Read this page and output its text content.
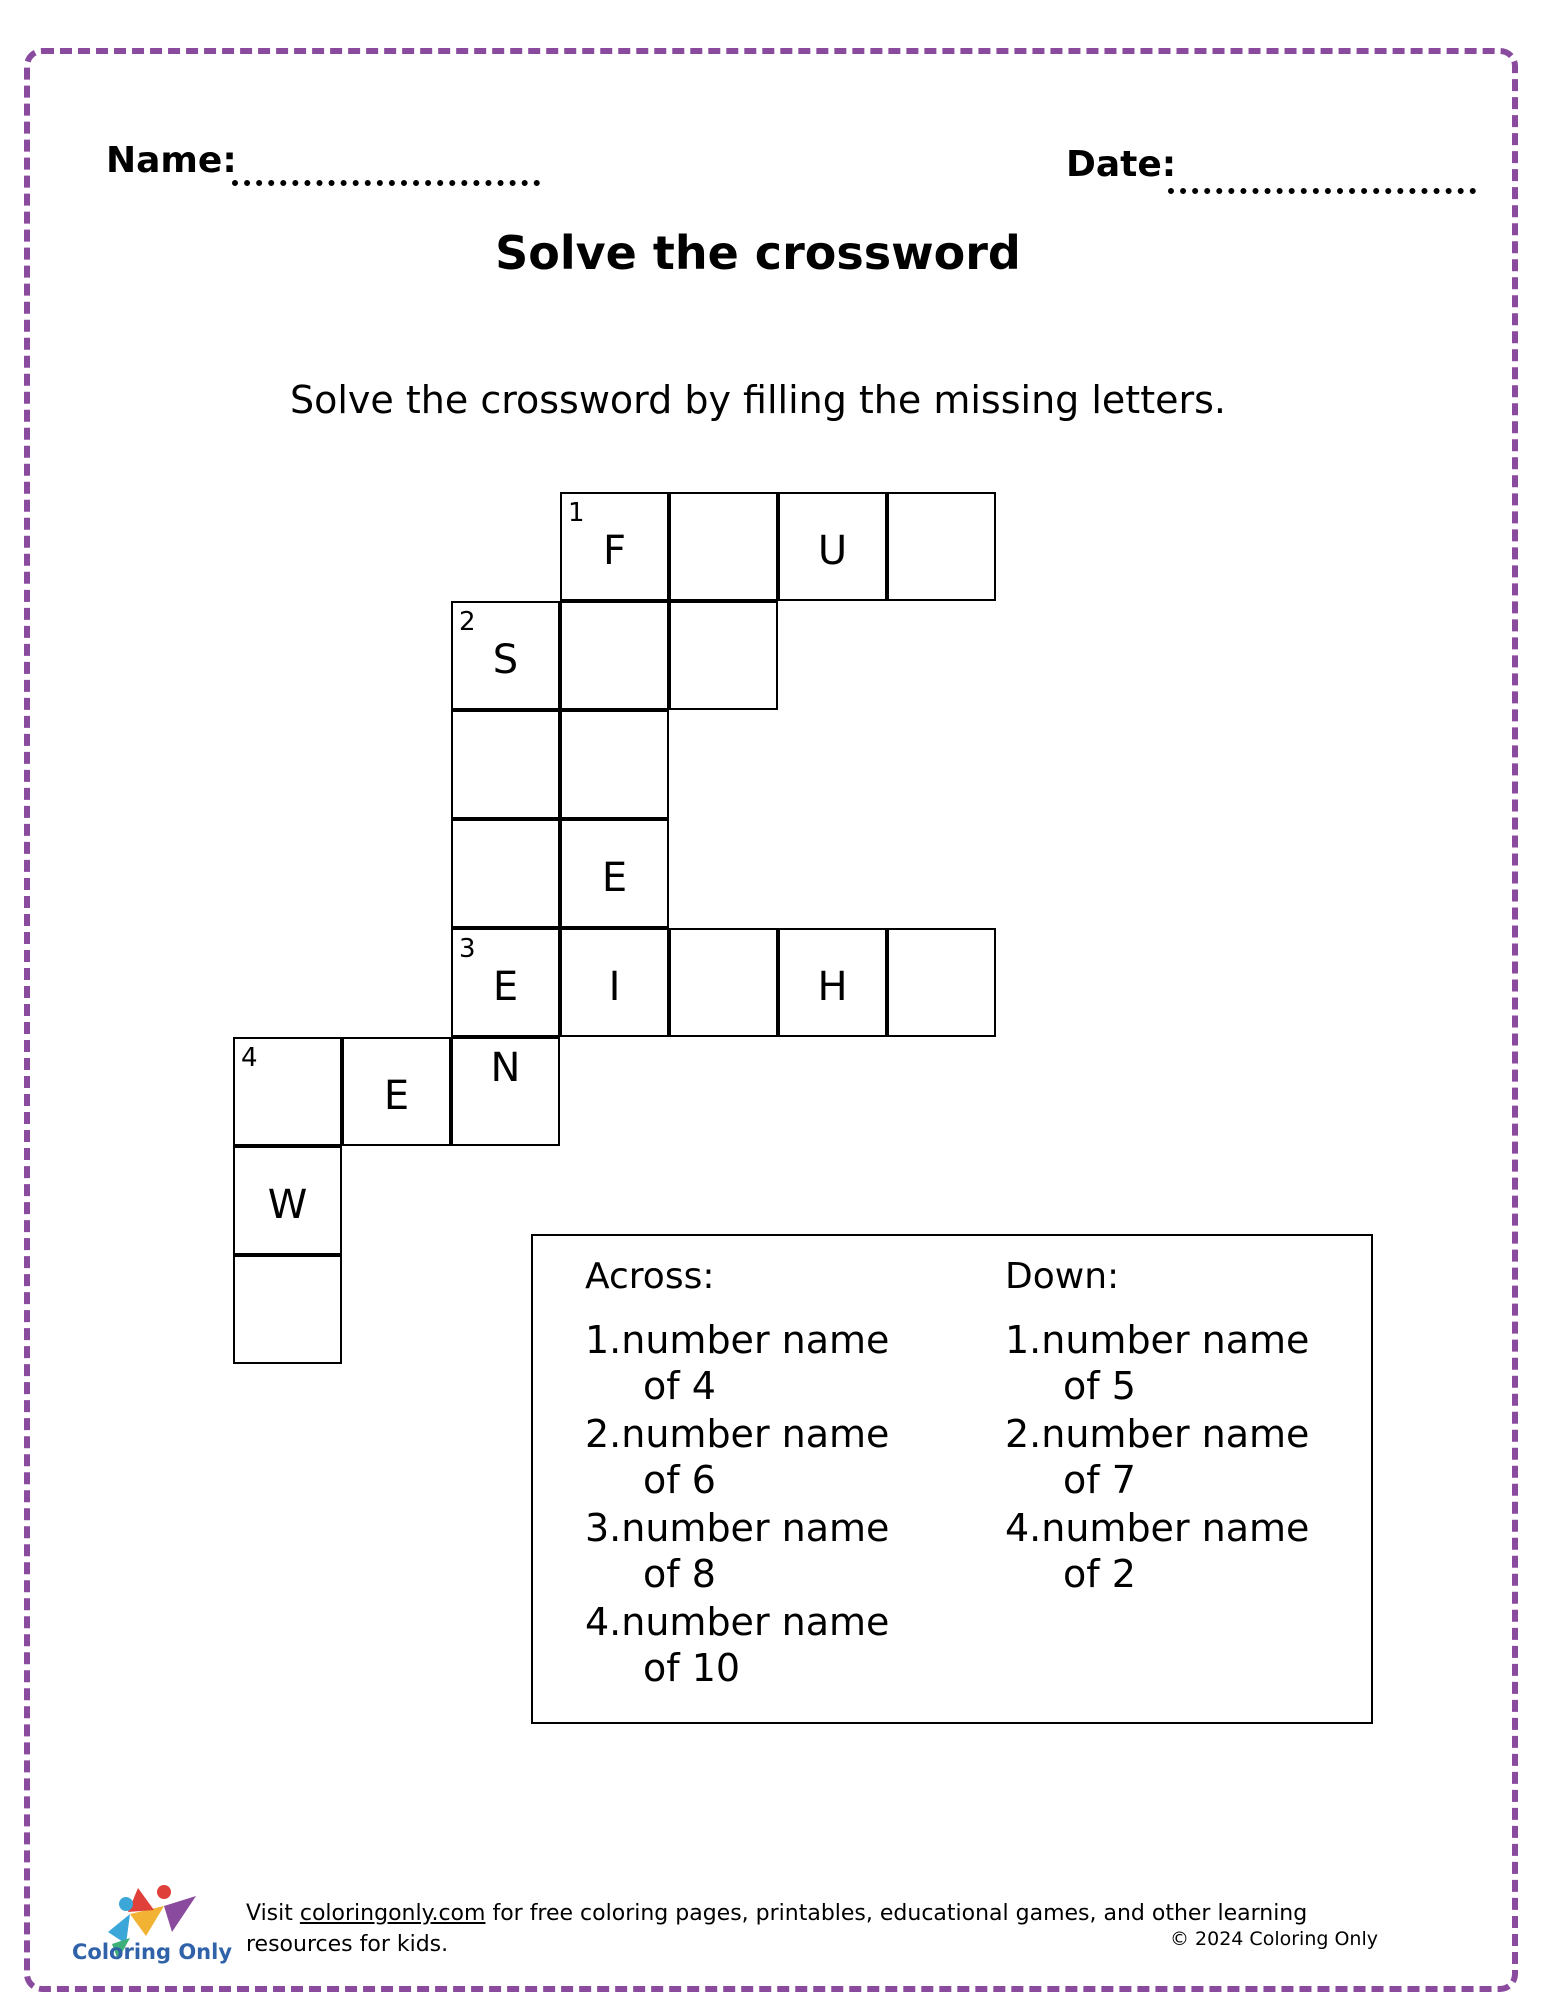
Name:	Date:
Solve the crossword
Solve the crossword by filling the missing letters.
1
F	U
2
S
E
3
E	I	H
4
E
N
W
Across:
1.number name
of 4
2.number name
of 6
3.number name
of 8
4.number name
of 10
Down:
1.number name
of 5
2.number name
of 7
4.number name
of 2
Coloring Only
Visit coloringonly.com for free coloring pages, printables, educational games, and other learning resources for kids.	© 2024 Coloring Only
